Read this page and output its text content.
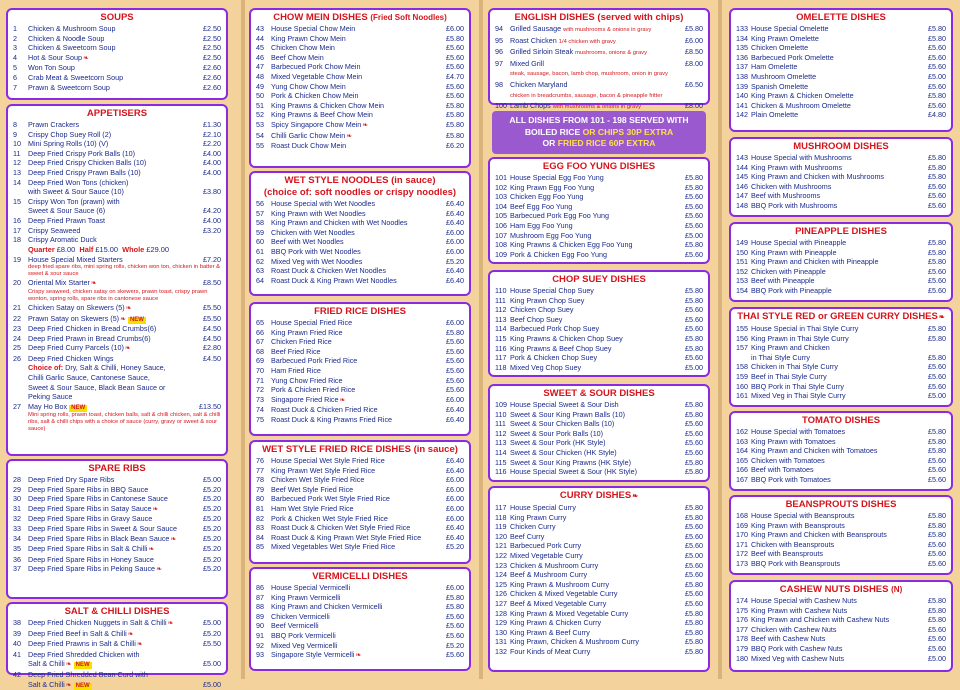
SOUPS
1	Chicken & Mushroom Soup	£2.50
2	Chicken & Noodle Soup	£2.50
3	Chicken & Sweetcorn Soup	£2.50
4	Hot & Sour Soup ❧	£2.50
5	Won Ton Soup	£2.60
6	Crab Meat & Sweetcorn Soup	£2.60
7	Prawn & Sweetcorn Soup	£2.60
APPETISERS
8	Prawn Crackers	£1.30
9	Crispy Chop Suey Roll (2)	£2.10
10 Mini Spring Rolls (10) (V)	£2.20
11	Deep Fried Crispy Pork Balls (10)	£4.00
12 Deep Fried Crispy Chicken Balls (10)	£4.00
13 Deep Fried Crispy Prawn Balls (10)	£4.00
14 Deep Fried Won Tons (chicken)
with Sweet & Sour Sauce (10)	£3.80
15 Crispy Won Ton (prawn) with
Sweet & Sour Sauce (6)	£4.20
16 Deep Fried Prawn Toast	£4.00
17 Crispy Seaweed	£3.20
18 Crispy Aromatic Duck
Quarter £8.00 Half £15.00 Whole £29.00
19 House Special Mixed Starters	£7.20
deep fried spare ribs, mini spring rolls, chicken won ton, chicken in batter & sweet & sour sauce
20 Oriental Mix Starter ❧	£8.50
Crispy seaweed, chicken satay on skewers, prawn toast, crispy prawn wonton, spring rolls, spare ribs in cantonese sauce
21 Chicken Satay on Skewers (5) ❧	£5.50
22 Prawn Satay on Skewers (5) ❧ NEW	£5.50
23 Deep Fried Chicken in Bread Crumbs(6)	£4.50
24 Deep Fried Prawn in Bread Crumbs(6)	£4.50
25 Deep Fried Curry Parcels (10) ❧	£2.80
26 Deep Fried Chicken Wings	£4.50
Choice of: Dry, Salt & Chilli, Honey Sauce,
Chilli Garlic Sauce, Cantonese Sauce,
Sweet & Sour Sauce, Black Bean Sauce or
Peking Sauce
27 May Ho Box NEW	£13.50
Mini spring rolls, prawn toast, chicken balls, salt & chilli chicken, salt & chilli ribs, salt & chilli chips with a choice of sauce (curry, gravy or sweet & sour sauce)
SPARE RIBS
28 Deep Fried Dry Spare Ribs	£5.00
29 Deep Fried Spare Ribs in BBQ Sauce	£5.20
30 Deep Fried Spare Ribs in Cantonese Sauce	£5.20
31 Deep Fried Spare Ribs in Satay Sauce ❧	£5.20
32 Deep Fried Spare Ribs in Gravy Sauce	£5.20
33 Deep Fried Spare Ribs in Sweet & Sour Sauce	£5.20
34 Deep Fried Spare Ribs in Black Bean Sauce ❧	£5.20
35 Deep Fried Spare Ribs in Salt & Chilli ❧	£5.20
36 Deep Fried Spare Ribs in Honey Sauce	£5.20
37 Deep Fried Spare Ribs in Peking Sauce ❧	£5.20
SALT & CHILLI DISHES
38 Deep Fried Chicken Nuggets in Salt & Chilli ❧	£5.00
39 Deep Fried Beef in Salt & Chilli ❧	£5.20
40 Deep Fried Prawns in Salt & Chilli ❧	£5.50
41 Deep Fried Shredded Chicken with
Salt & Chilli ❧ NEW	£5.00
42 Deep Fried Shredded Bean Curd with
Salt & Chilli ❧ NEW	£5.00
CHOW MEIN DISHES (Fried Soft Noodles)
43 House Special Chow Mein	£6.00
44 King Prawn Chow Mein	£5.80
45 Chicken Chow Mein	£5.60
46 Beef Chow Mein	£5.60
47 Barbecued Pork Chow Mein	£5.60
48 Mixed Vegetable Chow Mein	£4.70
49 Yung Chow Chow Mein	£5.60
50 Pork & Chicken Chow Mein	£5.60
51 King Prawns & Chicken Chow Mein	£5.80
52 King Prawns & Beef Chow Mein	£5.80
53 Spicy Singapore Chow Mein ❧	£5.80
54 Chilli Garlic Chow Mein ❧	£5.80
55 Roast Duck Chow Mein	£6.20
WET STYLE NOODLES (in sauce)
(choice of: soft noodles or crispy noodles)
56 House Special with Wet Noodles	£6.40
57 King Prawn with Wet Noodles	£6.40
58 King Prawn and Chicken with Wet Noodles	£6.40
59 Chicken with Wet Noodles	£6.00
60 Beef with Wet Noodles	£6.00
61 BBQ Pork with Wet Noodles	£6.00
62 Mixed Veg with Wet Noodles	£5.20
63 Roast Duck & Chicken Wet Noodles	£6.40
64 Roast Duck & King Prawn Wet Noodles	£6.40
FRIED RICE DISHES
65 House Special Fried Rice	£6.00
66 King Prawn Fried Rice	£5.80
67 Chicken Fried Rice	£5.60
68 Beef Fried Rice	£5.60
69 Barbecued Pork Fried Rice	£5.60
70 Ham Fried Rice	£5.60
71 Yung Chow Fried Rice	£5.60
72 Pork & Chicken Fried Rice	£5.60
73 Singapore Fried Rice ❧	£6.00
74 Roast Duck & Chicken Fried Rice	£6.40
75 Roast Duck & King Prawns Fried Rice	£6.40
WET STYLE FRIED RICE DISHES (in sauce)
76 House Special Wet Style Fried Rice	£6.40
77 King Prawn Wet Style Fried Rice	£6.40
78 Chicken Wet Style Fried Rice	£6.00
79 Beef Wet Style Fried Rice	£6.00
80 Barbecued Pork Wet Style Fried Rice	£6.00
81 Ham Wet Style Fried Rice	£6.00
82 Pork & Chicken Wet Style Fried Rice	£6.00
83 Roast Duck & Chicken Wet Style Fried Rice	£6.40
84 Roast Duck & King Prawn Wet Style Fried Rice	£6.40
85 Mixed Vegetables Wet Style Fried Rice	£5.20
VERMICELLI DISHES
86 House Special Vermicelli	£6.00
87 King Prawn Vermicelli	£5.80
88 King Prawn and Chicken Vermicelli	£5.80
89 Chicken Vermicelli	£5.60
90 Beef Vermicelli	£5.60
91 BBQ Pork Vermicelli	£5.60
92 Mixed Veg Vermicelli	£5.20
93 Singapore Style Vermicelli ❧	£5.60
ENGLISH DISHES (served with chips)
94 Grilled Sausage with mushrooms & onions in gravy	£5.80
95 Roast Chicken 1/4 chicken with gravy	£6.00
96 Grilled Sirloin Steak mushrooms, onions & gravy	£8.50
97 Mixed Grill	£8.00
steak, sausage, bacon, lamb chop, mushroom, onion in gravy
98 Chicken Maryland	£6.50
chicken in breadcrumbs, sausage, bacon & pineapple fritter
100 Lamb Chops with mushrooms & onions in gravy	£8.00
ALL DISHES FROM 101 - 198 SERVED WITH
BOILED RICE OR CHIPS 30P EXTRA
OR FRIED RICE 60P EXTRA
EGG FOO YUNG DISHES
101 House Special Egg Foo Yung	£5.80
102 King Prawn Egg Foo Yung	£5.80
103 Chicken Egg Foo Yung	£5.60
104 Beef Egg Foo Yung	£5.60
105 Barbecued Pork Egg Foo Yung	£5.60
106 Ham Egg Foo Yung	£5.60
107 Mushroom Egg Foo Yung	£5.00
108 King Prawns & Chicken Egg Foo Yung	£5.80
109 Pork & Chicken Egg Foo Yung	£5.60
CHOP SUEY DISHES
110 House Special Chop Suey	£5.80
111 King Prawn Chop Suey	£5.80
112 Chicken Chop Suey	£5.60
113 Beef Chop Suey	£5.60
114 Barbecued Pork Chop Suey	£5.60
115 King Prawns & Chicken Chop Suey	£5.80
116 King Prawns & Beef Chop Suey	£5.80
117 Pork & Chicken Chop Suey	£5.60
118 Mixed Veg Chop Suey	£5.00
SWEET & SOUR DISHES
109 House Special Sweet & Sour Dish	£5.80
110 Sweet & Sour King Prawn Balls (10)	£5.80
111 Sweet & Sour Chicken Balls (10)	£5.60
112 Sweet & Sour Pork Balls (10)	£5.60
113 Sweet & Sour Pork (HK Style)	£5.60
114 Sweet & Sour Chicken (HK Style)	£5.60
115 Sweet & Sour King Prawns (HK Style)	£5.80
116 House Special Sweet & Sour (HK Style)	£5.80
CURRY DISHES❧
117 House Special Curry	£5.80
118 King Prawn Curry	£5.80
119 Chicken Curry	£5.60
120 Beef Curry	£5.60
121 Barbecued Pork Curry	£5.60
122 Mixed Vegetable Curry	£5.00
123 Chicken & Mushroom Curry	£5.60
124 Beef & Mushroom Curry	£5.60
125 King Prawn & Mushroom Curry	£5.80
126 Chicken & Mixed Vegetable Curry	£5.60
127 Beef & Mixed Vegetable Curry	£5.60
128 King Prawn & Mixed Vegetable Curry	£5.80
129 King Prawn & Chicken Curry	£5.80
130 King Prawn & Beef Curry	£5.80
131 King Prawn, Chicken & Mushroom Curry	£5.80
132 Four Kinds of Meat Curry	£5.80
OMELETTE DISHES
133 House Special Omelette	£5.80
134 King Prawn Omelette	£5.80
135 Chicken Omelette	£5.60
136 Barbecued Pork Omelette	£5.60
137 Ham Omelette	£5.60
138 Mushroom Omelette	£5.00
139 Spanish Omelette	£5.60
140 King Prawn & Chicken Omelette	£5.80
141 Chicken & Mushroom Omelette	£5.60
142 Plain Omelette	£4.80
MUSHROOM DISHES
143 House Special with Mushrooms	£5.80
144 King Prawn with Mushrooms	£5.80
145 King Prawn and Chicken with Mushrooms	£5.80
146 Chicken with Mushrooms	£5.60
147 Beef with Mushrooms	£5.60
148 BBQ Pork with Mushrooms	£5.60
PINEAPPLE DISHES
149 House Special with Pineapple	£5.80
150 King Prawn with Pineapple	£5.80
151 King Prawn and Chicken with Pineapple	£5.80
152 Chicken with Pineapple	£5.60
153 Beef with Pineapple	£5.60
154 BBQ Pork with Pineapple	£5.60
THAI STYLE RED or GREEN CURRY DISHES❧
155 House Special in Thai Style Curry	£5.80
156 King Prawn in Thai Style Curry	£5.80
157 King Prawn and Chicken
in Thai Style Curry	£5.80
158 Chicken in Thai Style Curry	£5.60
159 Beef in Thai Style Curry	£5.60
160 BBQ Pork in Thai Style Curry	£5.60
161 Mixed Veg in Thai Style Curry	£5.00
TOMATO DISHES
162 House Special with Tomatoes	£5.80
163 King Prawn with Tomatoes	£5.80
164 King Prawn and Chicken with Tomatoes	£5.80
165 Chicken with Tomatoes	£5.60
166 Beef with Tomatoes	£5.60
167 BBQ Pork with Tomatoes	£5.60
BEANSPROUTS DISHES
168 House Special with Beansprouts	£5.80
169 King Prawn with Beansprouts	£5.80
170 King Prawn and Chicken with Beansprouts	£5.80
171 Chicken with Beansprouts	£5.60
172 Beef with Beansprouts	£5.60
173 BBQ Pork with Beansprouts	£5.60
CASHEW NUTS DISHES (N)
174 House Special with Cashew Nuts	£5.80
175 King Prawn with Cashew Nuts	£5.80
176 King Prawn and Chicken with Cashew Nuts	£5.80
177 Chicken with Cashew Nuts	£5.60
178 Beef with Cashew Nuts	£5.60
179 BBQ Pork with Cashew Nuts	£5.60
180 Mixed Veg with Cashew Nuts	£5.00
